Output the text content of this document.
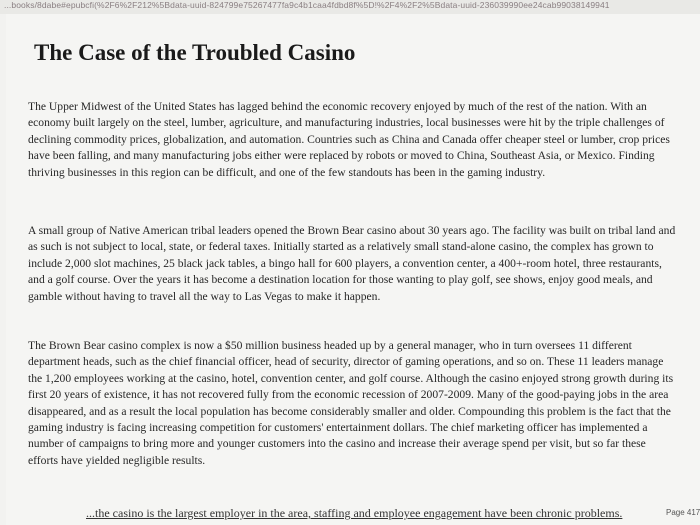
...books/8dabe#epubcfi(%2F6%2F212%5Bdata-uuid-824799e75267477fa9c4b1caa4fdbd8f%5D!%2F4%2F2%5Bdata-uuid-236039990ee24cab99038149941
The Case of the Troubled Casino

The Upper Midwest of the United States has lagged behind the economic recovery enjoyed by much of the rest of the nation. With an economy built largely on the steel, lumber, agriculture, and manufacturing industries, local businesses were hit by the triple challenges of declining commodity prices, globalization, and automation. Countries such as China and Canada offer cheaper steel or lumber, crop prices have been falling, and many manufacturing jobs either were replaced by robots or moved to China, Southeast Asia, or Mexico. Finding thriving businesses in this region can be difficult, and one of the few standouts has been in the gaming industry.

A small group of Native American tribal leaders opened the Brown Bear casino about 30 years ago. The facility was built on tribal land and as such is not subject to local, state, or federal taxes. Initially started as a relatively small stand-alone casino, the complex has grown to include 2,000 slot machines, 25 black jack tables, a bingo hall for 600 players, a convention center, a 400+-room hotel, three restaurants, and a golf course. Over the years it has become a destination location for those wanting to play golf, see shows, enjoy good meals, and gamble without having to travel all the way to Las Vegas to make it happen.

The Brown Bear casino complex is now a $50 million business headed up by a general manager, who in turn oversees 11 different department heads, such as the chief financial officer, head of security, director of gaming operations, and so on. These 11 leaders manage the 1,200 employees working at the casino, hotel, convention center, and golf course. Although the casino enjoyed strong growth during its first 20 years of existence, it has not recovered fully from the economic recession of 2007-2009. Many of the good-paying jobs in the area disappeared, and as a result the local population has become considerably smaller and older. Compounding this problem is the fact that the gaming industry is facing increasing competition for customers' entertainment dollars. The chief marketing officer has implemented a number of campaigns to bring more and younger customers into the casino and increase their average spend per visit, but so far these efforts have yielded negligible results.

...the casino is the largest employer in the area, staffing and employee engagement have been chronic problems.	Page 417
